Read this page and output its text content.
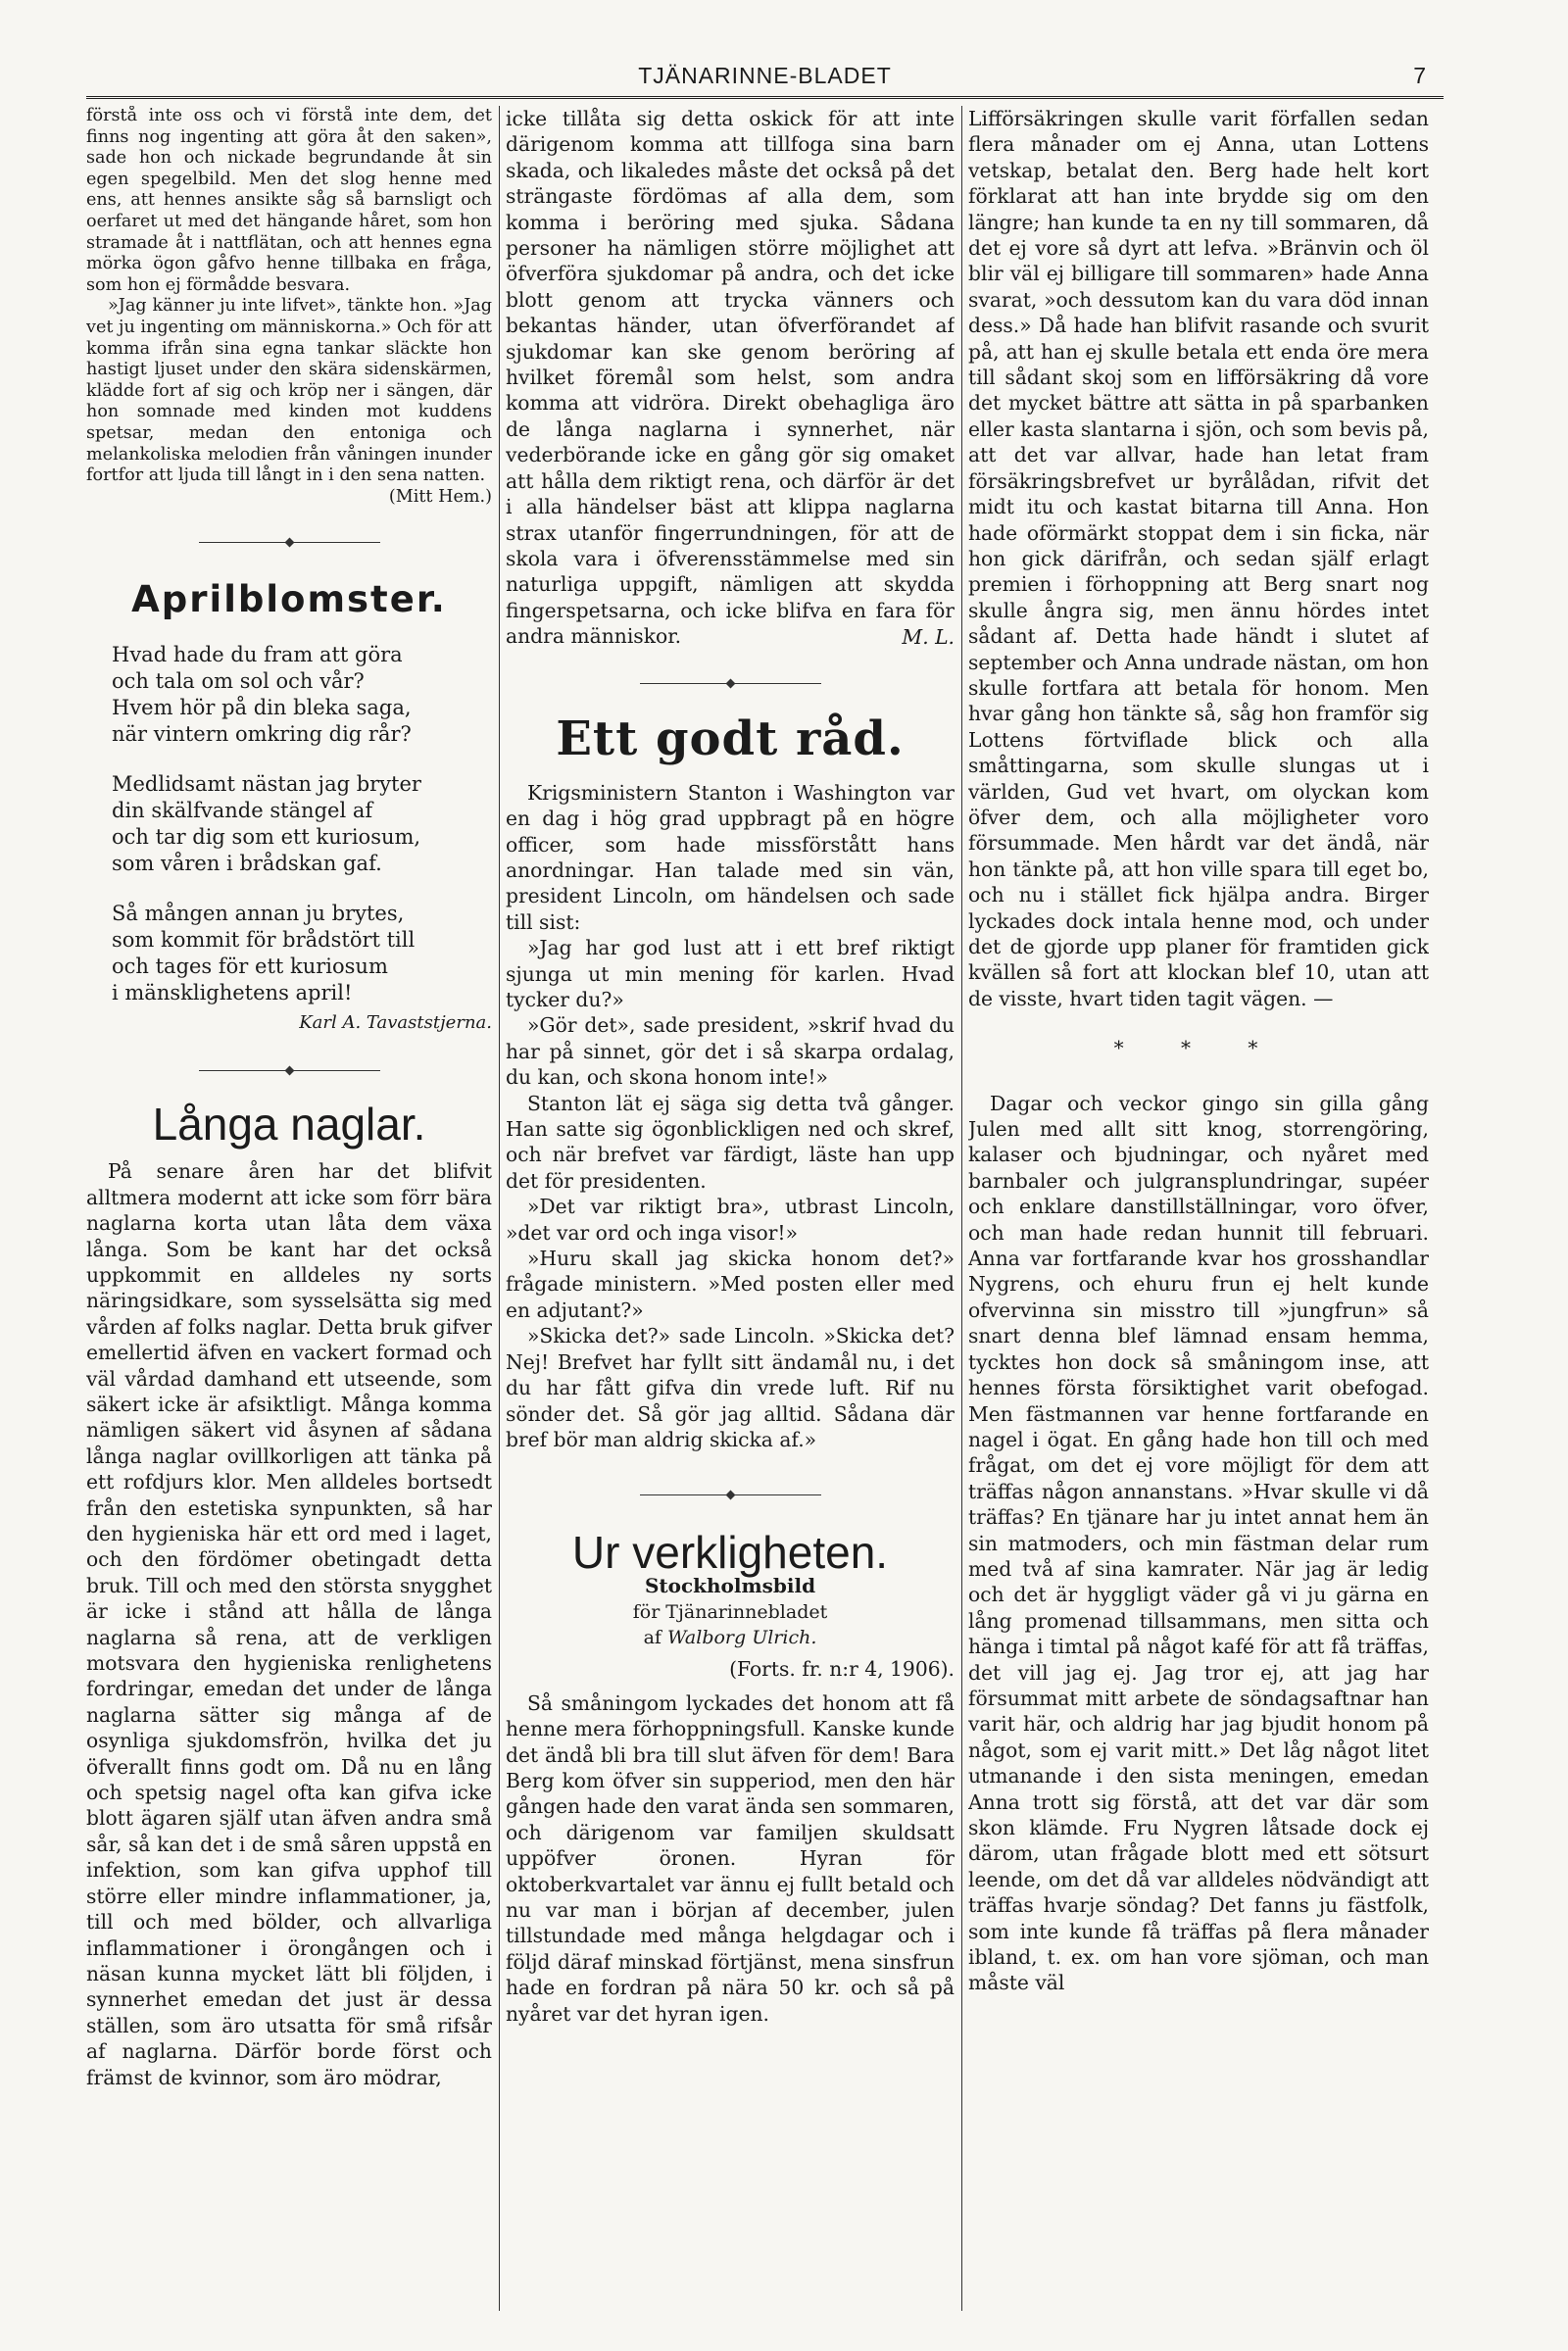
TJÄNARINNE-BLADET	7

förstå inte oss och vi förstå inte dem, det finns nog ingenting att göra åt den saken», sade hon och nickade begrundande åt sin egen spegelbild. Men det slog henne med ens, att hennes ansikte såg så barnsligt och oerfaret ut med det hängande håret, som hon stramade åt i nattflätan, och att hennes egna mörka ögon gåfvo henne tillbaka en fråga, som hon ej förmådde besvara.

»Jag känner ju inte lifvet», tänkte hon. »Jag vet ju ingenting om människorna.» Och för att komma ifrån sina egna tankar släckte hon hastigt ljuset under den skära sidenskärmen, klädde fort af sig och kröp ner i sängen, där hon somnade med kinden mot kuddens spetsar, medan den entoniga och melankoliska melodien från våningen inunder fortfor att ljuda till långt in i den sena natten.

(Mitt Hem.)

Aprilblomster.

Hvad hade du fram att göra

och tala om sol och vår?

Hvem hör på din bleka saga,

när vintern omkring dig rår?

Medlidsamt nästan jag bryter

din skälfvande stängel af

och tar dig som ett kuriosum,

som våren i brådskan gaf.

Så mången annan ju brytes,

som kommit för brådstört till

och tages för ett kuriosum

i mänsklighetens april!

Karl A. Tavaststjerna.

Långa naglar.

På senare åren har det blifvit alltmera modernt att icke som förr bära naglarna korta utan låta dem växa långa. Som be kant har det också uppkommit en alldeles ny sorts näringsidkare, som sysselsätta sig med vården af folks naglar. Detta bruk gifver emellertid äfven en vackert formad och väl vårdad damhand ett utseende, som säkert icke är afsiktligt. Många komma nämligen säkert vid åsynen af sådana långa naglar ovillkorligen att tänka på ett rofdjurs klor. Men alldeles bortsedt från den estetiska synpunkten, så har den hygieniska här ett ord med i laget, och den fördömer obetingadt detta bruk. Till och med den största snygghet är icke i stånd att hålla de långa naglarna så rena, att de verkligen motsvara den hygieniska renlighetens fordringar, emedan det under de långa naglarna sätter sig många af de osynliga sjukdomsfrön, hvilka det ju öfverallt finns godt om. Då nu en lång och spetsig nagel ofta kan gifva icke blott ägaren själf utan äfven andra små sår, så kan det i de små såren uppstå en infektion, som kan gifva upphof till större eller mindre inflammationer, ja, till och med bölder, och allvarliga inflammationer i örongången och i näsan kunna mycket lätt bli följden, i synnerhet emedan det just är dessa ställen, som äro utsatta för små rifsår af naglarna. Därför borde först och främst de kvinnor, som äro mödrar,

icke tillåta sig detta oskick för att inte därigenom komma att tillfoga sina barn skada, och likaledes måste det också på det strängaste fördömas af alla dem, som komma i beröring med sjuka. Sådana personer ha nämligen större möjlighet att öfverföra sjukdomar på andra, och det icke blott genom att trycka vänners och bekantas händer, utan öfverförandet af sjukdomar kan ske genom beröring af hvilket föremål som helst, som andra komma att vidröra. Direkt obehagliga äro de långa naglarna i synnerhet, när vederbörande icke en gång gör sig omaket att hålla dem riktigt rena, och därför är det i alla händelser bäst att klippa naglarna strax utanför fingerrundningen, för att de skola vara i öfverensstämmelse med sin naturliga uppgift, nämligen att skydda fingerspetsarna, och icke blifva en fara för andra människor.	M. L.

Ett godt råd.

Krigsministern Stanton i Washington var en dag i hög grad uppbragt på en högre officer, som hade missförstått hans anordningar. Han talade med sin vän, president Lincoln, om händelsen och sade till sist:

»Jag har god lust att i ett bref riktigt sjunga ut min mening för karlen. Hvad tycker du?»

»Gör det», sade president, »skrif hvad du har på sinnet, gör det i så skarpa ordalag, du kan, och skona honom inte!»

Stanton lät ej säga sig detta två gånger. Han satte sig ögonblickligen ned och skref, och när brefvet var färdigt, läste han upp det för presidenten.

»Det var riktigt bra», utbrast Lincoln, »det var ord och inga visor!»

»Huru skall jag skicka honom det?» frågade ministern. »Med posten eller med en adjutant?»

»Skicka det?» sade Lincoln. »Skicka det? Nej! Brefvet har fyllt sitt ändamål nu, i det du har fått gifva din vrede luft. Rif nu sönder det. Så gör jag alltid. Sådana där bref bör man aldrig skicka af.»

Ur verkligheten.

Stockholmsbild

för Tjänarinnebladet

af Walborg Ulrich.

(Forts. fr. n:r 4, 1906).

Så småningom lyckades det honom att få henne mera förhoppningsfull. Kanske kunde det ändå bli bra till slut äfven för dem! Bara Berg kom öfver sin supperiod, men den här gången hade den varat ända sen sommaren, och därigenom var familjen skuldsatt uppöfver öronen. Hyran för oktoberkvartalet var ännu ej fullt betald och nu var man i början af december, julen tillstundade med många helgdagar och i följd däraf minskad förtjänst, mena sinsfrun hade en fordran på nära 50 kr. och så på nyåret var det hyran igen.

Lifförsäkringen skulle varit förfallen sedan flera månader om ej Anna, utan Lottens vetskap, betalat den. Berg hade helt kort förklarat att han inte brydde sig om den längre; han kunde ta en ny till sommaren, då det ej vore så dyrt att lefva. »Bränvin och öl blir väl ej billigare till sommaren» hade Anna svarat, »och dessutom kan du vara död innan dess.» Då hade han blifvit rasande och svurit på, att han ej skulle betala ett enda öre mera till sådant skoj som en lifförsäkring då vore det mycket bättre att sätta in på sparbanken eller kasta slantarna i sjön, och som bevis på, att det var allvar, hade han letat fram försäkringsbrefvet ur byrålådan, rifvit det midt itu och kastat bitarna till Anna. Hon hade oförmärkt stoppat dem i sin ficka, när hon gick därifrån, och sedan själf erlagt premien i förhoppning att Berg snart nog skulle ångra sig, men ännu hördes intet sådant af. Detta hade händt i slutet af september och Anna undrade nästan, om hon skulle fortfara att betala för honom. Men hvar gång hon tänkte så, såg hon framför sig Lottens förtviflade blick och alla småttingarna, som skulle slungas ut i världen, Gud vet hvart, om olyckan kom öfver dem, och alla möjligheter voro försummade. Men hårdt var det ändå, när hon tänkte på, att hon ville spara till eget bo, och nu i stället fick hjälpa andra. Birger lyckades dock intala henne mod, och under det de gjorde upp planer för framtiden gick kvällen så fort att klockan blef 10, utan att de visste, hvart tiden tagit vägen. —

* * *

Dagar och veckor gingo sin gilla gång Julen med allt sitt knog, storrengöring, kalaser och bjudningar, och nyåret med barnbaler och julgransplundringar, supéer och enklare danstillställningar, voro öfver, och man hade redan hunnit till februari. Anna var fortfarande kvar hos grosshandlar Nygrens, och ehuru frun ej helt kunde ofvervinna sin misstro till »jungfrun» så snart denna blef lämnad ensam hemma, tycktes hon dock så småningom inse, att hennes första försiktighet varit obefogad. Men fästmannen var henne fortfarande en nagel i ögat. En gång hade hon till och med frågat, om det ej vore möjligt för dem att träffas någon annanstans. »Hvar skulle vi då träffas? En tjänare har ju intet annat hem än sin matmoders, och min fästman delar rum med två af sina kamrater. När jag är ledig och det är hyggligt väder gå vi ju gärna en lång promenad tillsammans, men sitta och hänga i timtal på något kafé för att få träffas, det vill jag ej. Jag tror ej, att jag har försummat mitt arbete de söndagsaftnar han varit här, och aldrig har jag bjudit honom på något, som ej varit mitt.» Det låg något litet utmanande i den sista meningen, emedan Anna trott sig förstå, att det var där som skon klämde. Fru Nygren låtsade dock ej därom, utan frågade blott med ett sötsurt leende, om det då var alldeles nödvändigt att träffas hvarje söndag? Det fanns ju fästfolk, som inte kunde få träffas på flera månader ibland, t. ex. om han vore sjöman, och man måste väl
